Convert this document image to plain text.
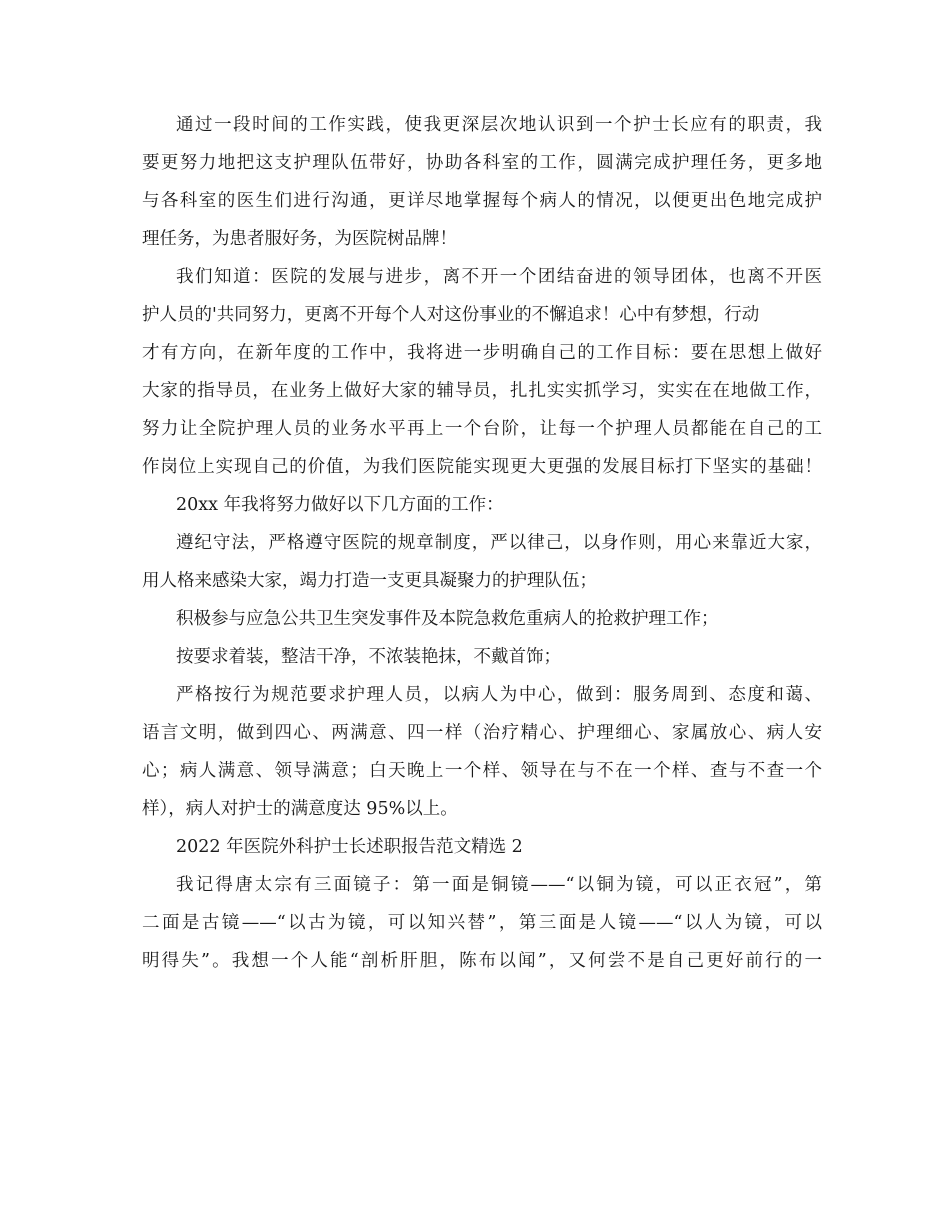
通过一段时间的工作实践，使我更深层次地认识到一个护士长应有的职责，我
要更努力地把这支护理队伍带好，协助各科室的工作，圆满完成护理任务，更多地
与各科室的医生们进行沟通，更详尽地掌握每个病人的情况，以便更出色地完成护
理任务，为患者服好务，为医院树品牌！
我们知道：医院的发展与进步，离不开一个团结奋进的领导团体，也离不开医
护人员的'共同努力，更离不开每个人对这份事业的不懈追求！心中有梦想，行动
才有方向，在新年度的工作中，我将进一步明确自己的工作目标：要在思想上做好
大家的指导员，在业务上做好大家的辅导员，扎扎实实抓学习，实实在在地做工作，
努力让全院护理人员的业务水平再上一个台阶，让每一个护理人员都能在自己的工
作岗位上实现自己的价值，为我们医院能实现更大更强的发展目标打下坚实的基础！
20xx 年我将努力做好以下几方面的工作：
遵纪守法，严格遵守医院的规章制度，严以律己，以身作则，用心来靠近大家，
用人格来感染大家，竭力打造一支更具凝聚力的护理队伍；
积极参与应急公共卫生突发事件及本院急救危重病人的抢救护理工作；
按要求着装，整洁干净，不浓装艳抹，不戴首饰；
严格按行为规范要求护理人员，以病人为中心，做到：服务周到、态度和蔼、
语言文明，做到四心、两满意、四一样（治疗精心、护理细心、家属放心、病人安
心；病人满意、领导满意；白天晚上一个样、领导在与不在一个样、查与不查一个
样），病人对护士的满意度达 95%以上。
2022 年医院外科护士长述职报告范文精选 2
我记得唐太宗有三面镜子：第一面是铜镜——“以铜为镜，可以正衣冠”，第
二面是古镜——“以古为镜，可以知兴替”，第三面是人镜——“以人为镜，可以
明得失”。我想一个人能“剖析肝胆，陈布以闻”，又何尝不是自己更好前行的一
